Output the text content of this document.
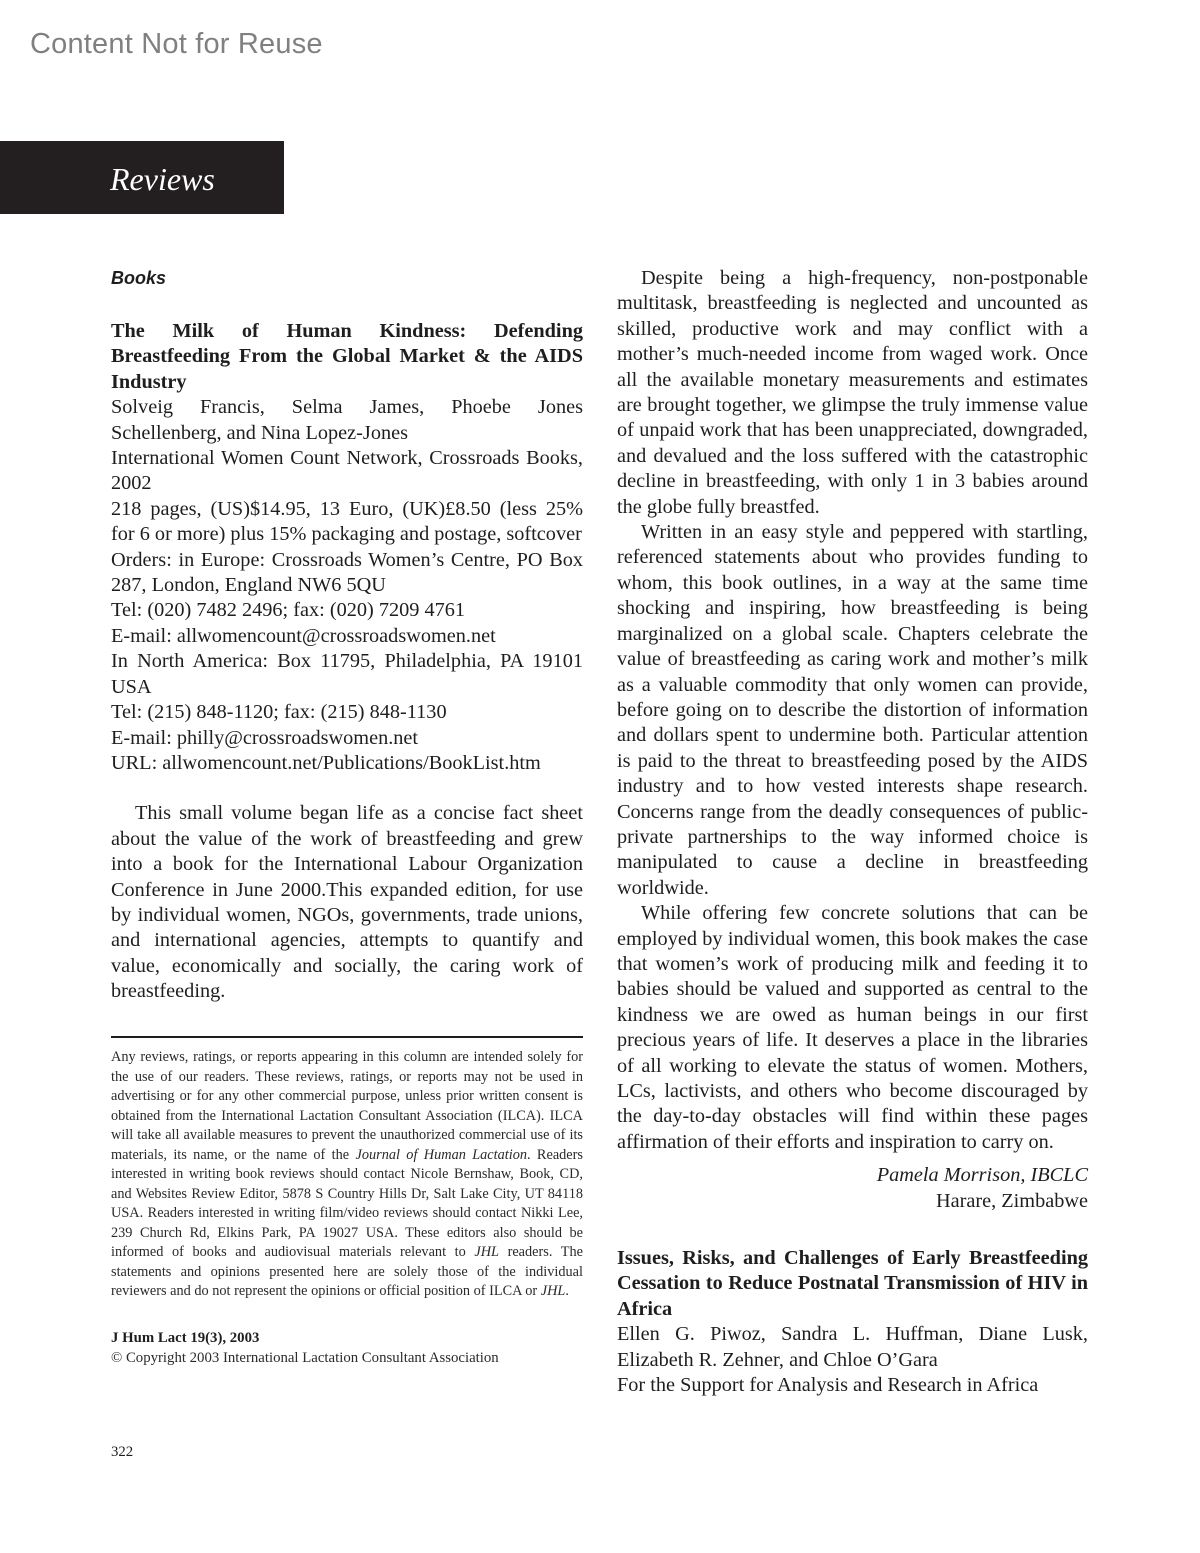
Content Not for Reuse
Reviews
Books

The Milk of Human Kindness: Defending Breastfeeding From the Global Market & the AIDS Industry

Solveig Francis, Selma James, Phoebe Jones Schellenberg, and Nina Lopez-Jones

International Women Count Network, Crossroads Books, 2002

218 pages, (US)$14.95, 13 Euro, (UK)£8.50 (less 25% for 6 or more) plus 15% packaging and postage, softcover

Orders: in Europe: Crossroads Women’s Centre, PO Box 287, London, England NW6 5QU

Tel: (020) 7482 2496; fax: (020) 7209 4761

E-mail: allwomencount@crossroadswomen.net

In North America: Box 11795, Philadelphia, PA 19101 USA

Tel: (215) 848-1120; fax: (215) 848-1130

E-mail: philly@crossroadswomen.net

URL: allwomencount.net/Publications/BookList.htm

This small volume began life as a concise fact sheet about the value of the work of breastfeeding and grew into a book for the International Labour Organization Conference in June 2000.This expanded edition, for use by individual women, NGOs, governments, trade unions, and international agencies, attempts to quantify and value, economically and socially, the caring work of breastfeeding.

Any reviews, ratings, or reports appearing in this column are intended solely for the use of our readers. These reviews, ratings, or reports may not be used in advertising or for any other commercial purpose, unless prior written consent is obtained from the International Lactation Consultant Association (ILCA). ILCA will take all available measures to prevent the unauthorized commercial use of its materials, its name, or the name of the Journal of Human Lactation. Readers interested in writing book reviews should contact Nicole Bernshaw, Book, CD, and Websites Review Editor, 5878 S Country Hills Dr, Salt Lake City, UT 84118 USA. Readers interested in writing film/video reviews should contact Nikki Lee, 239 Church Rd, Elkins Park, PA 19027 USA. These editors also should be informed of books and audiovisual materials relevant to JHL readers. The statements and opinions presented here are solely those of the individual reviewers and do not represent the opinions or official position of ILCA or JHL.

J Hum Lact 19(3), 2003
© Copyright 2003 International Lactation Consultant Association
322

Despite being a high-frequency, non-postponable multitask, breastfeeding is neglected and uncounted as skilled, productive work and may conflict with a mother’s much-needed income from waged work. Once all the available monetary measurements and estimates are brought together, we glimpse the truly immense value of unpaid work that has been unappreciated, downgraded, and devalued and the loss suffered with the catastrophic decline in breastfeeding, with only 1 in 3 babies around the globe fully breastfed.

Written in an easy style and peppered with startling, referenced statements about who provides funding to whom, this book outlines, in a way at the same time shocking and inspiring, how breastfeeding is being marginalized on a global scale. Chapters celebrate the value of breastfeeding as caring work and mother’s milk as a valuable commodity that only women can provide, before going on to describe the distortion of information and dollars spent to undermine both. Particular attention is paid to the threat to breastfeeding posed by the AIDS industry and to how vested interests shape research. Concerns range from the deadly consequences of public-private partnerships to the way informed choice is manipulated to cause a decline in breastfeeding worldwide.

While offering few concrete solutions that can be employed by individual women, this book makes the case that women’s work of producing milk and feeding it to babies should be valued and supported as central to the kindness we are owed as human beings in our first precious years of life. It deserves a place in the libraries of all working to elevate the status of women. Mothers, LCs, lactivists, and others who become discouraged by the day-to-day obstacles will find within these pages affirmation of their efforts and inspiration to carry on.

Pamela Morrison, IBCLC
Harare, Zimbabwe

Issues, Risks, and Challenges of Early Breastfeeding Cessation to Reduce Postnatal Transmission of HIV in Africa

Ellen G. Piwoz, Sandra L. Huffman, Diane Lusk, Elizabeth R. Zehner, and Chloe O’Gara

For the Support for Analysis and Research in Africa
